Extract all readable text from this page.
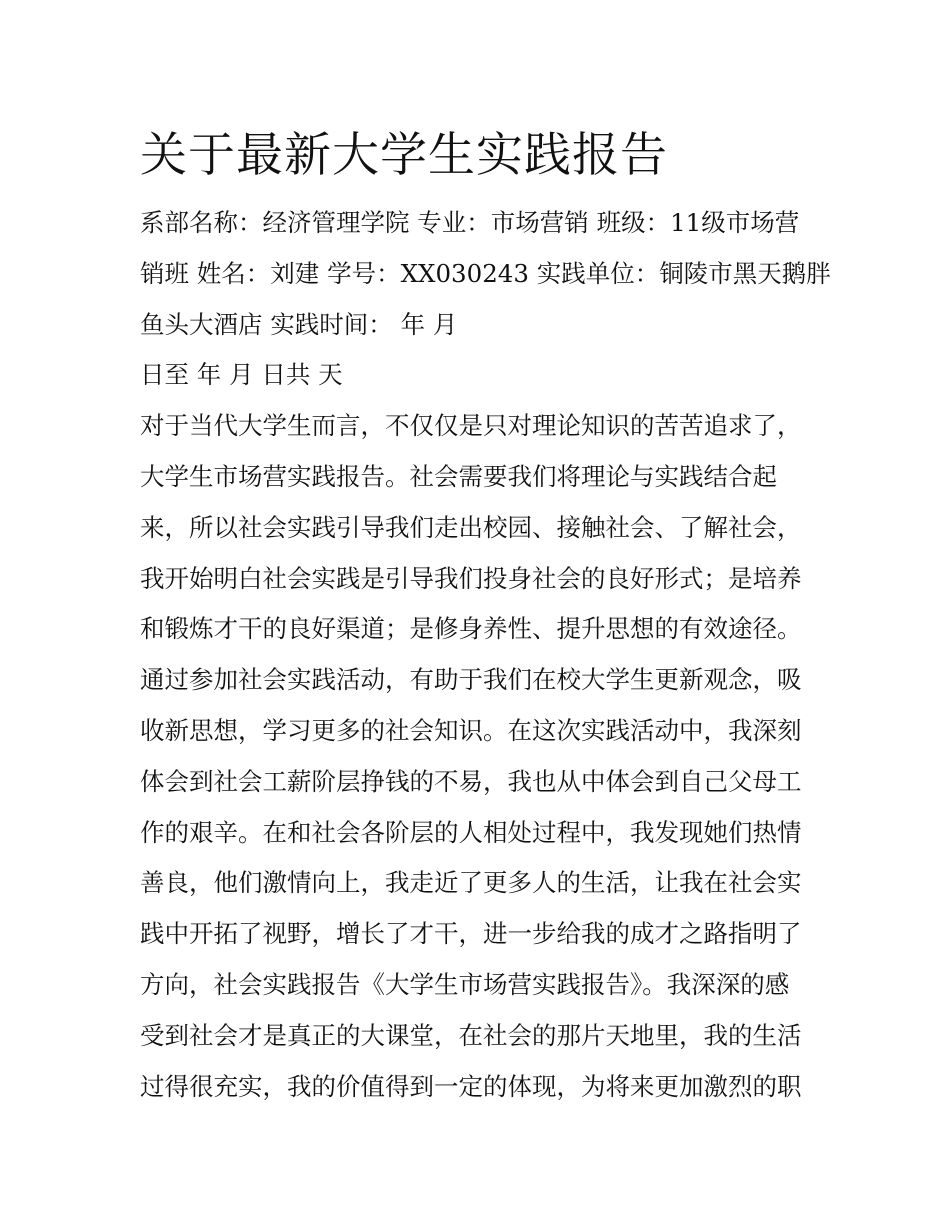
关于最新大学生实践报告
系部名称：经济管理学院 专业：市场营销 班级：11级市场营
销班 姓名：刘建 学号：XX030243 实践单位：铜陵市黑天鹅胖
鱼头大酒店 实践时间： 年 月
日至 年 月 日共 天
对于当代大学生而言，不仅仅是只对理论知识的苦苦追求了，
大学生市场营实践报告。社会需要我们将理论与实践结合起
来，所以社会实践引导我们走出校园、接触社会、了解社会，
我开始明白社会实践是引导我们投身社会的良好形式；是培养
和锻炼才干的良好渠道；是修身养性、提升思想的有效途径。
通过参加社会实践活动，有助于我们在校大学生更新观念，吸
收新思想，学习更多的社会知识。在这次实践活动中，我深刻
体会到社会工薪阶层挣钱的不易，我也从中体会到自己父母工
作的艰辛。在和社会各阶层的人相处过程中，我发现她们热情
善良，他们激情向上，我走近了更多人的生活，让我在社会实
践中开拓了视野，增长了才干，进一步给我的成才之路指明了
方向，社会实践报告《大学生市场营实践报告》。我深深的感
受到社会才是真正的大课堂，在社会的那片天地里，我的生活
过得很充实，我的价值得到一定的体现，为将来更加激烈的职
